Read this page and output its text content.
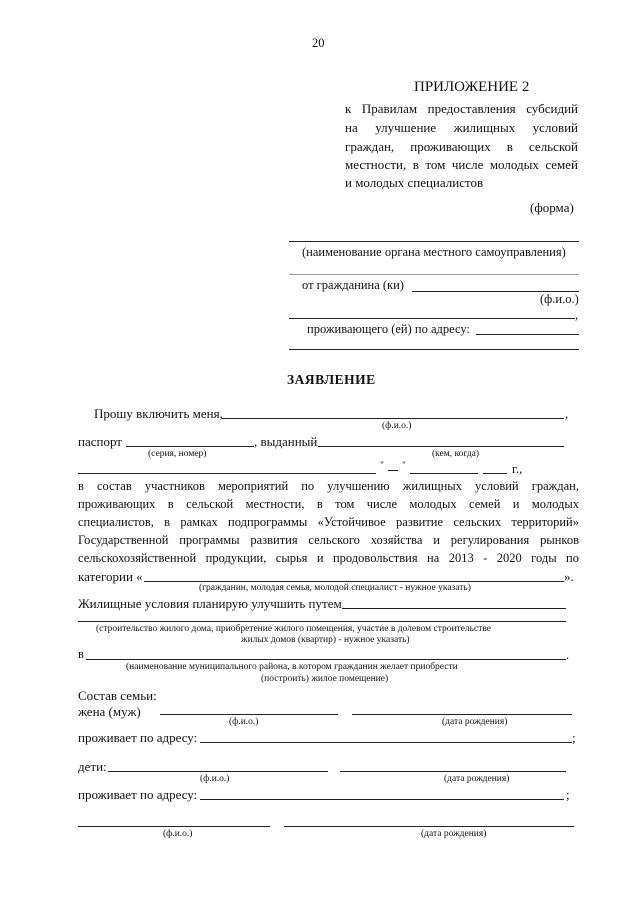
20
ПРИЛОЖЕНИЕ 2
к Правилам предоставления субсидий
на улучшение жилищных условий
граждан, проживающих в сельской
местности, в том числе молодых семей
и молодых специалистов
(форма)
(наименование органа местного самоуправления)
от гражданина (ки)
(ф.и.о.)
,
проживающего (ей) по адресу:
ЗАЯВЛЕНИЕ
Прошу включить меня,	,
(ф.и.о.)
паспорт	, выданный
(серия, номер)	(кем, когда)
" "	г.,
в состав участников мероприятий по улучшению жилищных условий граждан,
проживающих в сельской местности, в том числе молодых семей и молодых
специалистов, в рамках подпрограммы «Устойчивое развитие сельских территорий»
Государственной программы развития сельского хозяйства и регулирования рынков
сельскохозяйственной продукции, сырья и продовольствия на 2013 - 2020 годы по
категории «	».
(гражданин, молодая семья, молодой специалист - нужное указать)
Жилищные условия планирую улучшить путем
(строительство жилого дома, приобретение жилого помещения, участие в долевом строительстве
жилых домов (квартир) - нужное указать)
в	.
(наименование муниципального района, в котором гражданин желает приобрести
(построить) жилое помещение)
Состав семьи:
жена (муж)
(ф.и.о.)	(дата рождения)
проживает по адресу:	;
дети:
(ф.и.о.)	(дата рождения)
проживает по адресу:	;
(ф.и.о.)	(дата рождения)
